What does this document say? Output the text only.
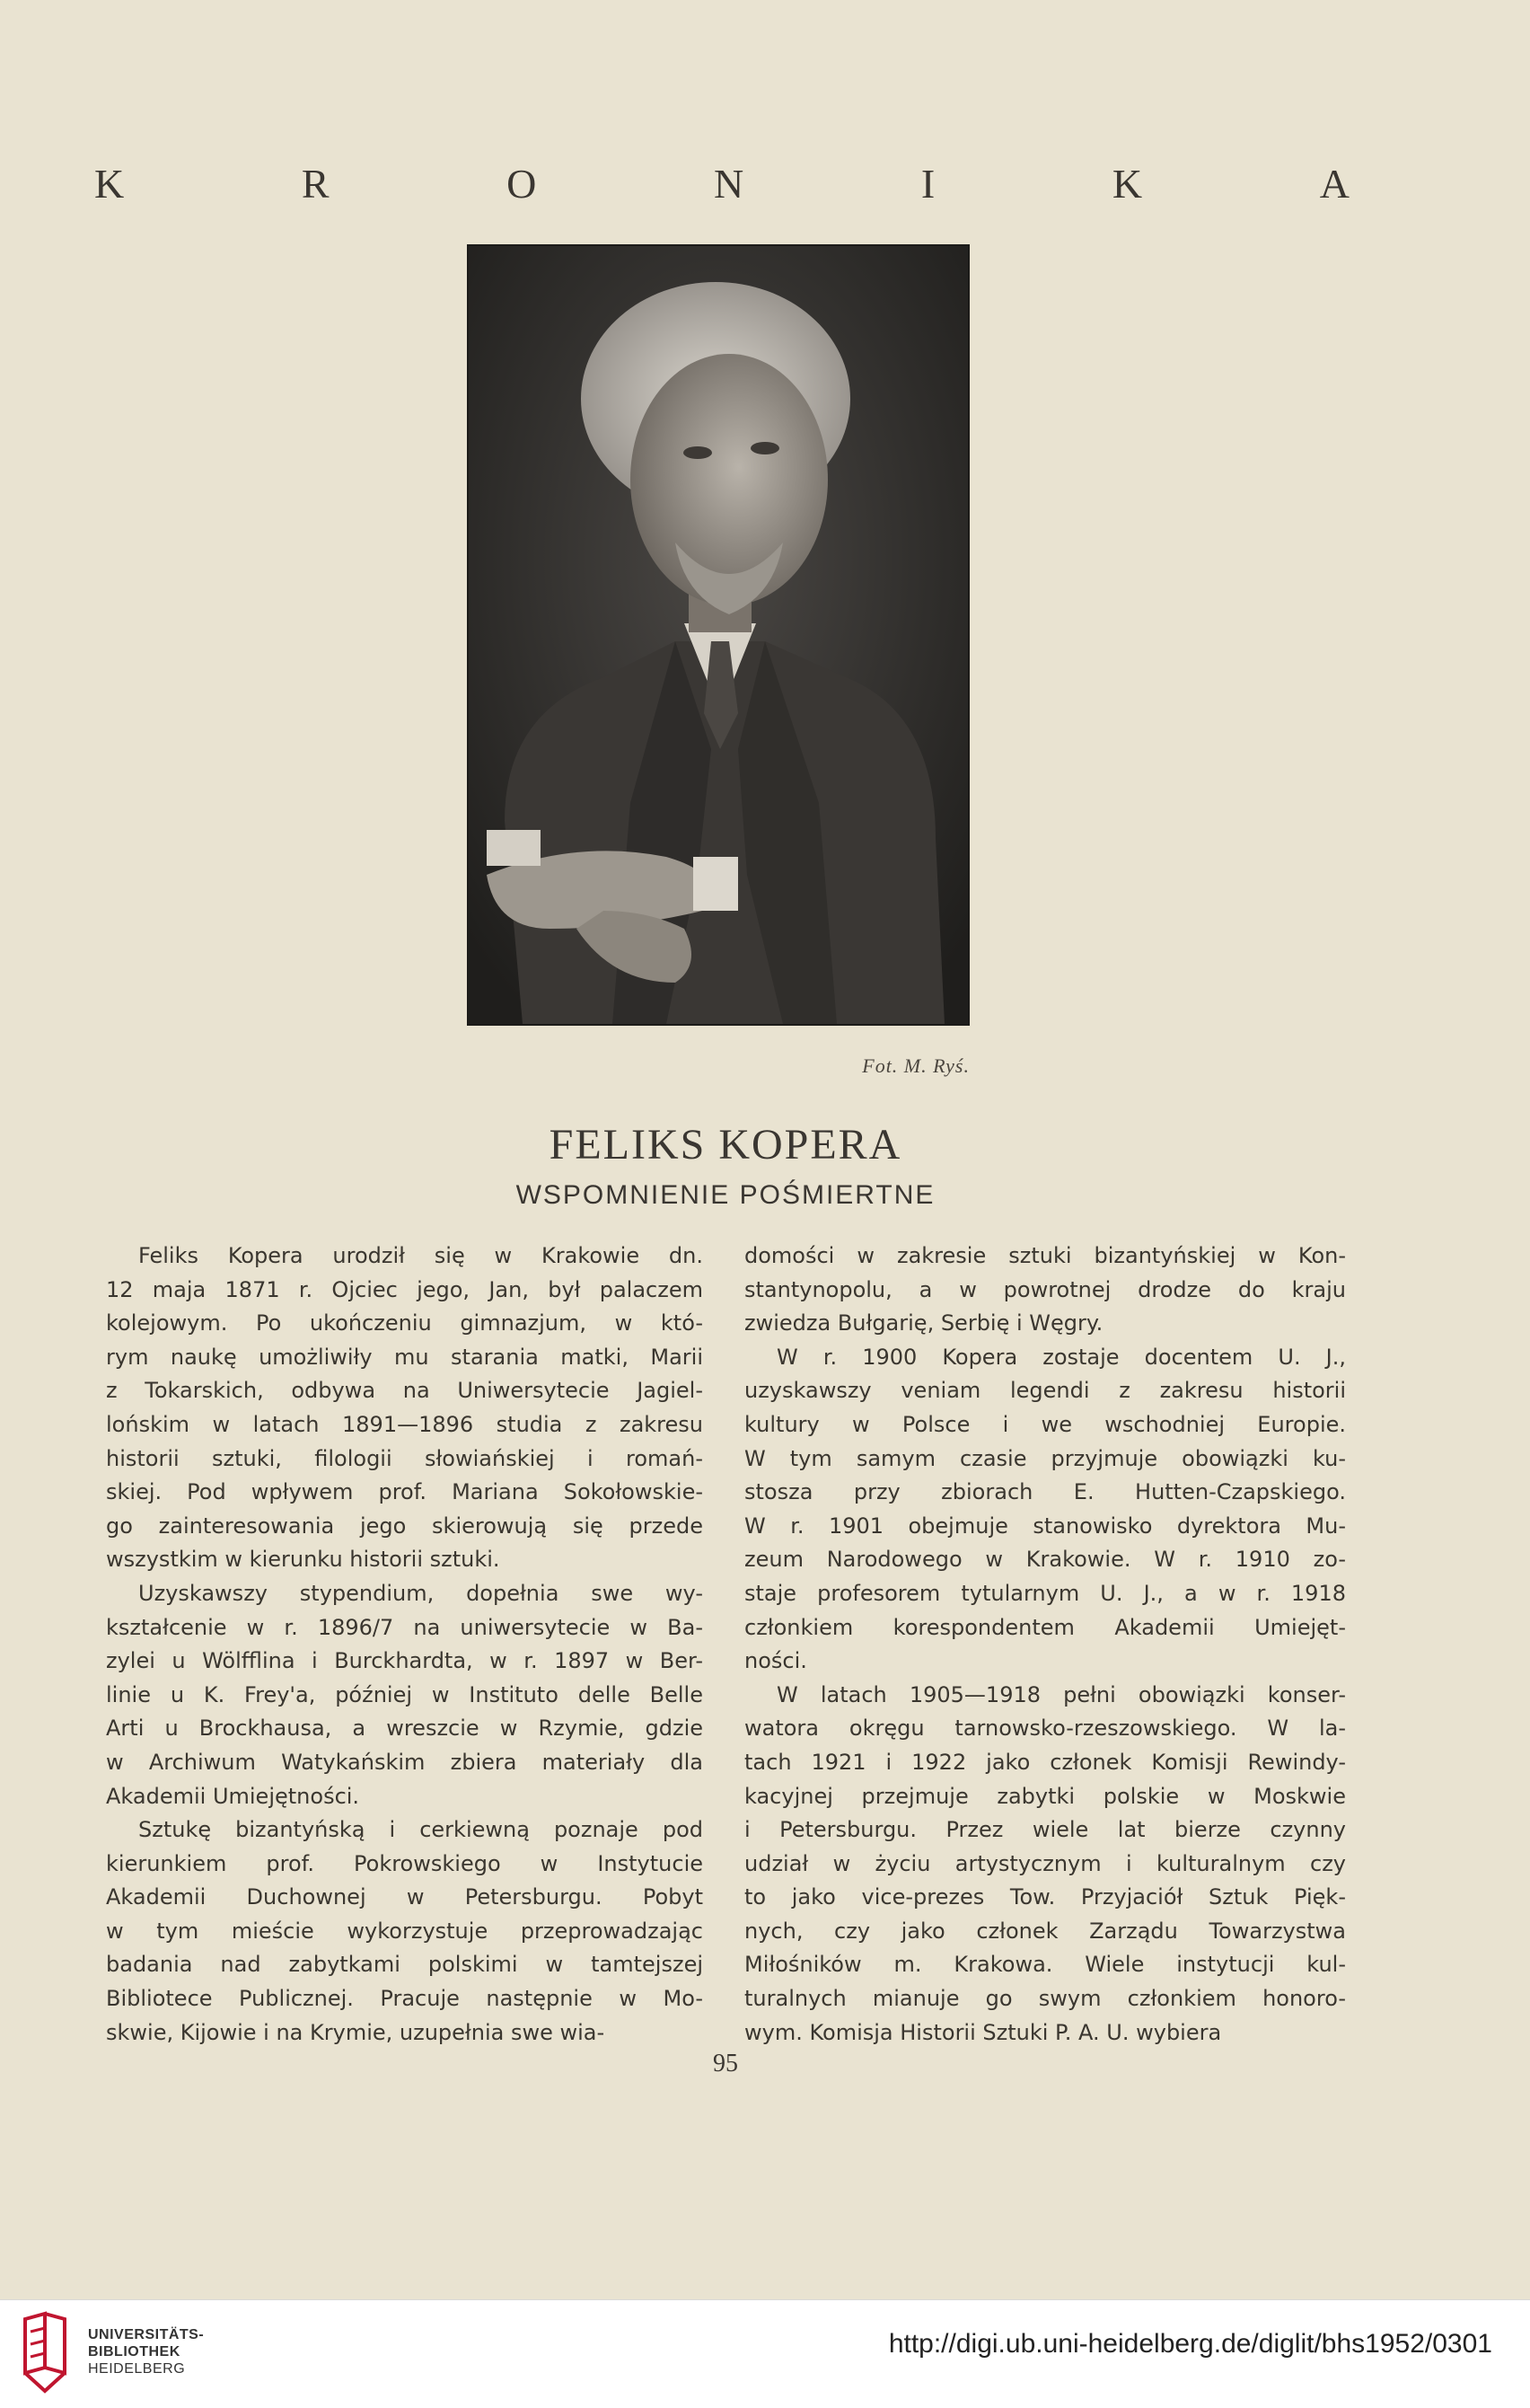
K	R	O	N	I	K	A
Fot. M. Ryś.
FELIKS KOPERA
WSPOMNIENIE POŚMIERTNE

Feliks Kopera urodził się w Krakowie dn.
12 maja 1871 r. Ojciec jego, Jan, był palaczem
kolejowym. Po ukończeniu gimnazjum, w któ-
rym naukę umożliwiły mu starania matki, Marii
z Tokarskich, odbywa na Uniwersytecie Jagiel-
lońskim w latach 1891—1896 studia z zakresu
historii sztuki, filologii słowiańskiej i romań-
skiej. Pod wpływem prof. Mariana Sokołowskie-
go zainteresowania jego skierowują się przede
wszystkim w kierunku historii sztuki.

Uzyskawszy stypendium, dopełnia swe wy-
kształcenie w r. 1896/7 na uniwersytecie w Ba-
zylei u Wölfflina i Burckhardta, w r. 1897 w Ber-
linie u K. Frey'a, później w Instituto delle Belle
Arti u Brockhausa, a wreszcie w Rzymie, gdzie
w Archiwum Watykańskim zbiera materiały dla
Akademii Umiejętności.

Sztukę bizantyńską i cerkiewną poznaje pod
kierunkiem prof. Pokrowskiego w Instytucie
Akademii Duchownej w Petersburgu. Pobyt
w tym mieście wykorzystuje przeprowadzając
badania nad zabytkami polskimi w tamtejszej
Bibliotece Publicznej. Pracuje następnie w Mo-
skwie, Kijowie i na Krymie, uzupełnia swe wia-

domości w zakresie sztuki bizantyńskiej w Kon-
stantynopolu, a w powrotnej drodze do kraju
zwiedza Bułgarię, Serbię i Węgry.

W r. 1900 Kopera zostaje docentem U. J.,
uzyskawszy veniam legendi z zakresu historii
kultury w Polsce i we wschodniej Europie.
W tym samym czasie przyjmuje obowiązki ku-
stosza przy zbiorach E. Hutten-Czapskiego.
W r. 1901 obejmuje stanowisko dyrektora Mu-
zeum Narodowego w Krakowie. W r. 1910 zo-
staje profesorem tytularnym U. J., a w r. 1918
członkiem korespondentem Akademii Umiejęt-
ności.

W latach 1905—1918 pełni obowiązki konser-
watora okręgu tarnowsko-rzeszowskiego. W la-
tach 1921 i 1922 jako członek Komisji Rewindy-
kacyjnej przejmuje zabytki polskie w Moskwie
i Petersburgu. Przez wiele lat bierze czynny
udział w życiu artystycznym i kulturalnym czy
to jako vice-prezes Tow. Przyjaciół Sztuk Pięk-
nych, czy jako członek Zarządu Towarzystwa
Miłośników m. Krakowa. Wiele instytucji kul-
turalnych mianuje go swym członkiem honoro-
wym. Komisja Historii Sztuki P. A. U. wybiera

95
UNIVERSITÄTS-
BIBLIOTHEK
HEIDELBERG
http://digi.ub.uni-heidelberg.de/diglit/bhs1952/0301
